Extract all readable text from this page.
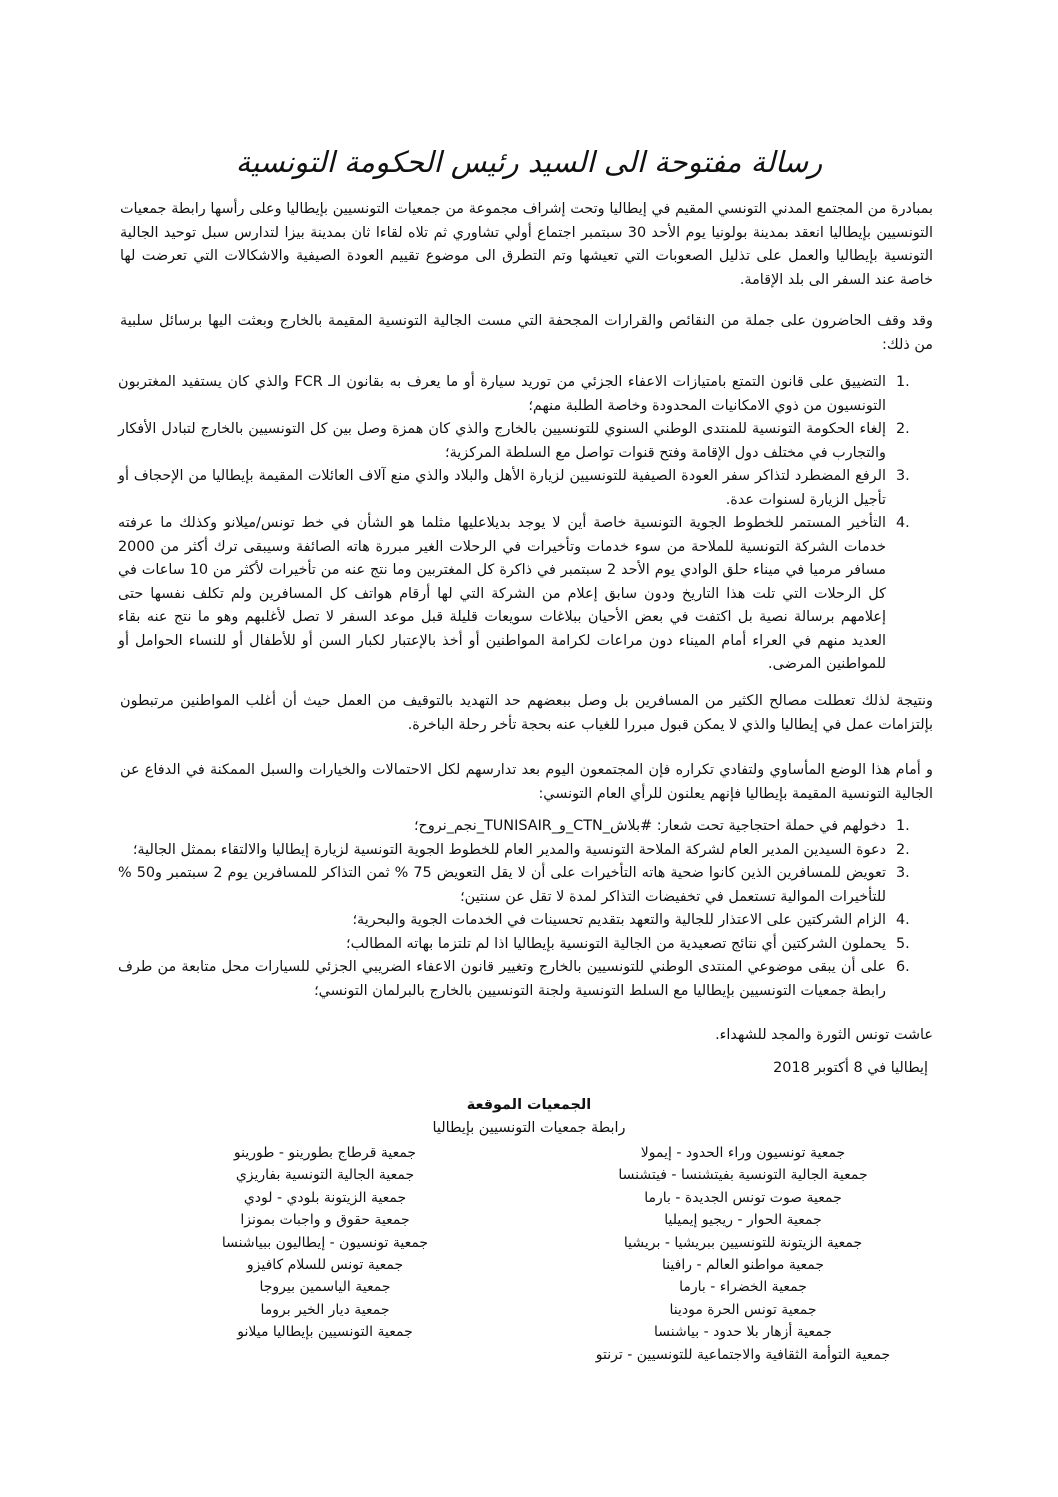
رسالة مفتوحة الى السيد رئيس الحكومة التونسية

بمبادرة من المجتمع المدني التونسي المقيم في إيطاليا وتحت إشراف مجموعة من جمعيات التونسيين بإيطاليا وعلى رأسها رابطة جمعيات التونسيين بإيطاليا انعقد بمدينة بولونيا يوم الأحد 30 سبتمبر اجتماع أولي تشاوري ثم تلاه لقاءا ثان بمدينة بيزا لتدارس سبل توحيد الجالية التونسية بإيطاليا والعمل على تذليل الصعوبات التي تعيشها وتم التطرق الى موضوع تقييم العودة الصيفية والاشكالات التي تعرضت لها خاصة عند السفر الى بلد الإقامة.

وقد وقف الحاضرون على جملة من النقائص والقرارات المجحفة التي مست الجالية التونسية المقيمة بالخارج وبعثت اليها برسائل سلبية من ذلك:

1.
التضييق على قانون التمتع بامتيازات الاعفاء الجزئي من توريد سيارة أو ما يعرف به بقانون الـ FCR والذي كان يستفيد المغتربون التونسيون من ذوي الامكانيات المحدودة وخاصة الطلبة منهم؛
2.
إلغاء الحكومة التونسية للمنتدى الوطني السنوي للتونسيين بالخارج والذي كان همزة وصل بين كل التونسيين بالخارج لتبادل الأفكار والتجارب في مختلف دول الإقامة وفتح قنوات تواصل مع السلطة المركزية؛
3.
الرفع المضطرد لتذاكر سفر العودة الصيفية للتونسيين لزيارة الأهل والبلاد والذي منع آلاف العائلات المقيمة بإيطاليا من الإحجاف أو تأجيل الزيارة لسنوات عدة.
4.
التأخير المستمر للخطوط الجوية التونسية خاصة أين لا يوجد بديلاعليها مثلما هو الشأن في خط تونس/ميلانو وكذلك ما عرفته خدمات الشركة التونسية للملاحة من سوء خدمات وتأخيرات في الرحلات الغير مبررة هاته الصائفة وسيبقى ترك أكثر من 2000 مسافر مرميا في ميناء حلق الوادي يوم الأحد 2 سبتمبر في ذاكرة كل المغتربين وما نتج عنه من تأخيرات لأكثر من 10 ساعات في كل الرحلات التي تلت هذا التاريخ ودون سابق إعلام من الشركة التي لها أرقام هواتف كل المسافرين ولم تكلف نفسها حتى إعلامهم برسالة نصية بل اكتفت في بعض الأحيان ببلاغات سويعات قليلة قبل موعد السفر لا تصل لأغلبهم وهو ما نتج عنه بقاء العديد منهم في العراء أمام الميناء دون مراعات لكرامة المواطنين أو أخذ بالإعتبار لكبار السن أو للأطفال أو للنساء الحوامل أو للمواطنين المرضى.

ونتيجة لذلك تعطلت مصالح الكثير من المسافرين بل وصل ببعضهم حد التهديد بالتوقيف من العمل حيث أن أغلب المواطنين مرتبطون بإلتزامات عمل في إيطاليا والذي لا يمكن قبول مبررا للغياب عنه بحجة تأخر رحلة الباخرة.

و أمام هذا الوضع المأساوي ولتفادي تكراره فإن المجتمعون اليوم بعد تدارسهم لكل الاحتمالات والخيارات والسبل الممكنة في الدفاع عن الجالية التونسية المقيمة بإيطاليا فإنهم يعلنون للرأي العام التونسي:

1.
دخولهم في حملة احتجاجية تحت شعار: #بلاش_CTN_و_TUNISAIR_نجم_نروح؛
2.
دعوة السيدين المدير العام لشركة الملاحة التونسية والمدير العام للخطوط الجوية التونسية لزيارة إيطاليا والالتقاء بممثل الجالية؛
3.
تعويض للمسافرين الذين كانوا ضحية هاته التأخيرات على أن لا يقل التعويض 75 % ثمن التذاكر للمسافرين يوم 2 سبتمبر و50 % للتأخيرات الموالية تستعمل في تخفيضات التذاكر لمدة لا تقل عن سنتين؛
4.
الزام الشركتين على الاعتذار للجالية والتعهد بتقديم تحسينات في الخدمات الجوية والبحرية؛
5.
يحملون الشركتين أي نتائج تصعيدية من الجالية التونسية بإيطاليا اذا لم تلتزما بهاته المطالب؛
6.
على أن يبقى موضوعي المنتدى الوطني للتونسيين بالخارج وتغيير قانون الاعفاء الضريبي الجزئي للسيارات محل متابعة من طرف رابطة جمعيات التونسيين بإيطاليا مع السلط التونسية ولجنة التونسيين بالخارج بالبرلمان التونسي؛
عاشت تونس الثورة والمجد للشهداء.
إيطاليا في 8 أكتوبر 2018
الجمعيات الموقعة
رابطة جمعيات التونسيين بإيطاليا
جمعية تونسيون وراء الحدود - إيمولا
جمعية الجالية التونسية بفيتشنسا - فيتشنسا
جمعية صوت تونس الجديدة - بارما
جمعية الحوار - ريجيو إيميليا
جمعية الزيتونة للتونسيين ببريشيا - بريشيا
جمعية مواطنو العالم - رافينا
جمعية الخضراء - بارما
جمعية تونس الحرة مودينا
جمعية أزهار بلا حدود - بياشنسا
جمعية التوأمة الثقافية والاجتماعية للتونسيين - ترنتو
جمعية قرطاج بطورينو - طورينو
جمعية الجالية التونسية بفاريزي
جمعية الزيتونة بلودي - لودي
جمعية حقوق و واجبات بمونزا
جمعية تونسيون - إيطاليون ببياشنسا
جمعية تونس للسلام كافيزو
جمعية الياسمين بيروجا
جمعية ديار الخير بروما
جمعية التونسيين بإيطاليا ميلانو
